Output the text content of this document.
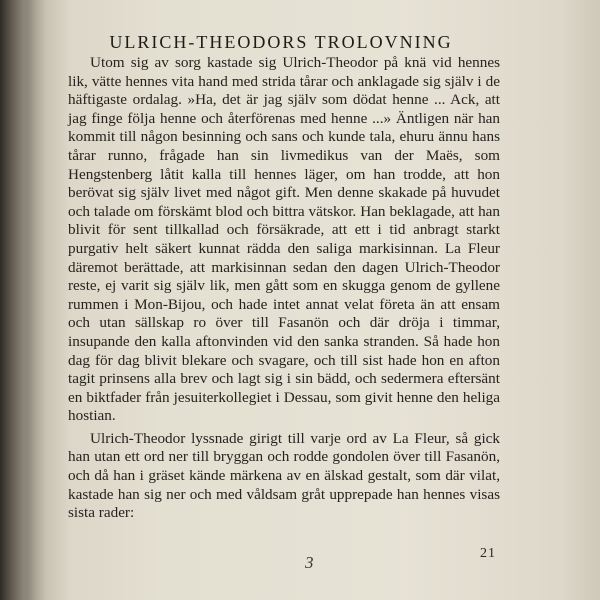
ULRICH-THEODORS TROLOVNING

Utom sig av sorg kastade sig Ulrich-Theodor på knä vid hennes lik, vätte hennes vita hand med strida tårar och anklagade sig själv i de häftigaste ordalag. »Ha, det är jag själv som dödat henne ... Ack, att jag finge följa henne och återförenas med henne ...» Äntligen när han kommit till någon besinning och sans och kunde tala, ehuru ännu hans tårar runno, frågade han sin livmedikus van der Maës, som Hengstenberg låtit kalla till hennes läger, om han trodde, att hon berövat sig själv livet med något gift. Men denne skakade på huvudet och talade om förskämt blod och bittra vätskor. Han beklagade, att han blivit för sent tillkallad och försäkrade, att ett i tid anbragt starkt purgativ helt säkert kunnat rädda den saliga markisinnan. La Fleur däremot berättade, att markisinnan sedan den dagen Ulrich-Theodor reste, ej varit sig själv lik, men gått som en skugga genom de gyllene rummen i Mon-Bijou, och hade intet annat velat företa än att ensam och utan sällskap ro över till Fasanön och där dröja i timmar, insupande den kalla aftonvinden vid den sanka stranden. Så hade hon dag för dag blivit blekare och svagare, och till sist hade hon en afton tagit prinsens alla brev och lagt sig i sin bädd, och sedermera eftersänt en biktfader från jesuiterkollegiet i Dessau, som givit henne den heliga hostian.

Ulrich-Theodor lyssnade girigt till varje ord av La Fleur, så gick han utan ett ord ner till bryggan och rodde gondolen över till Fasanön, och då han i gräset kände märkena av en älskad gestalt, som där vilat, kastade han sig ner och med våldsam gråt upprepade han hennes visas sista rader:

3	21
